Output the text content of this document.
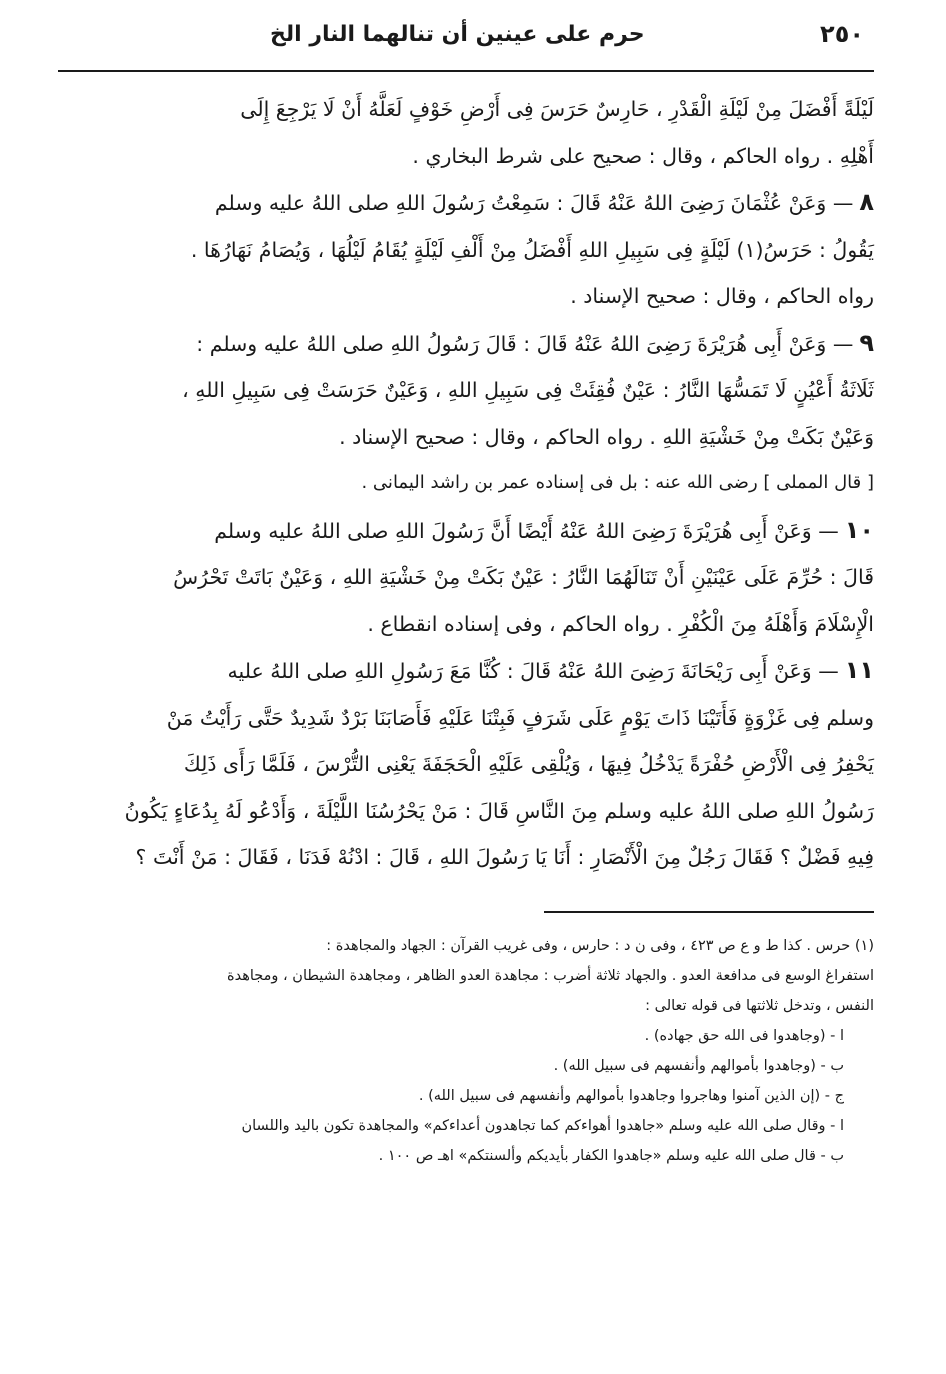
٢٥٠
حرم على عينين أن تنالهما النار الخ

لَيْلَةً أَفْضَلَ مِنْ لَيْلَةِ الْقَدْرِ ، حَارِسٌ حَرَسَ فِى أَرْضِ خَوْفٍ لَعَلَّهُ أَنْ لَا يَرْجِعَ إِلَى

أَهْلِهِ . رواه الحاكم ، وقال : صحيح على شرط البخاري .

٨— وَعَنْ عُثْمَانَ رَضِىَ اللهُ عَنْهُ قَالَ : سَمِعْتُ رَسُولَ اللهِ صلى اللهُ عليه وسلم

يَقُولُ : حَرَسُ(١) لَيْلَةٍ فِى سَبِيلِ اللهِ أَفْضَلُ مِنْ أَلْفِ لَيْلَةٍ يُقَامُ لَيْلُهَا ، وَيُصَامُ نَهَارُهَا .

رواه الحاكم ، وقال : صحيح الإسناد .

٩— وَعَنْ أَبِى هُرَيْرَةَ رَضِىَ اللهُ عَنْهُ قَالَ : قَالَ رَسُولُ اللهِ صلى اللهُ عليه وسلم :

ثَلَاثَةُ أَعْيُنٍ لَا تَمَسُّهَا النَّارُ : عَيْنٌ فُقِئَتْ فِى سَبِيلِ اللهِ ، وَعَيْنٌ حَرَسَتْ فِى سَبِيلِ اللهِ ،

وَعَيْنٌ بَكَتْ مِنْ خَشْيَةِ اللهِ . رواه الحاكم ، وقال : صحيح الإسناد .

[ قال المملى ] رضى الله عنه : بل فى إسناده عمر بن راشد اليمانى .

١٠— وَعَنْ أَبِى هُرَيْرَةَ رَضِىَ اللهُ عَنْهُ أَيْضًا أَنَّ رَسُولَ اللهِ صلى اللهُ عليه وسلم

قَالَ : حُرِّمَ عَلَى عَيْنَيْنِ أَنْ تَنَالَهُمَا النَّارُ : عَيْنٌ بَكَتْ مِنْ خَشْيَةِ اللهِ ، وَعَيْنٌ بَاتَتْ تَحْرُسُ

الْإِسْلَامَ وَأَهْلَهُ مِنَ الْكُفْرِ . رواه الحاكم ، وفى إسناده انقطاع .

١١— وَعَنْ أَبِى رَيْحَانَةَ رَضِىَ اللهُ عَنْهُ قَالَ : كُنَّا مَعَ رَسُولِ اللهِ صلى اللهُ عليه

وسلم فِى غَزْوَةٍ فَأَتَيْنَا ذَاتَ يَوْمٍ عَلَى شَرَفٍ فَبِتْنَا عَلَيْهِ فَأَصَابَنَا بَرْدٌ شَدِيدٌ حَتَّى رَأَيْتُ مَنْ

يَحْفِرُ فِى الْأَرْضِ حُفْرَةً يَدْخُلُ فِيهَا ، وَيُلْقِى عَلَيْهِ الْحَجَفَةَ يَعْنِى التُّرْسَ ، فَلَمَّا رَأَى ذَلِكَ

رَسُولُ اللهِ صلى اللهُ عليه وسلم مِنَ النَّاسِ قَالَ : مَنْ يَحْرُسُنَا اللَّيْلَةَ ، وَأَدْعُو لَهُ بِدُعَاءٍ يَكُونُ

فِيهِ فَضْلٌ ؟ فَقَالَ رَجُلٌ مِنَ الْأَنْصَارِ : أَنَا يَا رَسُولَ اللهِ ، قَالَ : ادْنُهْ فَدَنَا ، فَقَالَ : مَنْ أَنْتَ ؟

(١) حرس . كذا ط و ع ص ٤٢٣ ، وفى ن د : حارس ، وفى غريب القرآن : الجهاد والمجاهدة :

استفراغ الوسع فى مدافعة العدو . والجهاد ثلاثة أضرب : مجاهدة العدو الظاهر ، ومجاهدة الشيطان ، ومجاهدة

النفس ، وتدخل ثلاثتها فى قوله تعالى :

ا - (وجاهدوا فى الله حق جهاده) .

ب - (وجاهدوا بأموالهم وأنفسهم فى سبيل الله) .

ج - (إن الذين آمنوا وهاجروا وجاهدوا بأموالهم وأنفسهم فى سبيل الله) .

ا - وقال صلى الله عليه وسلم «جاهدوا أهواءكم كما تجاهدون أعداءكم» والمجاهدة تكون باليد واللسان

ب - قال صلى الله عليه وسلم «جاهدوا الكفار بأيديكم وألسنتكم» اهـ ص ١٠٠ .
